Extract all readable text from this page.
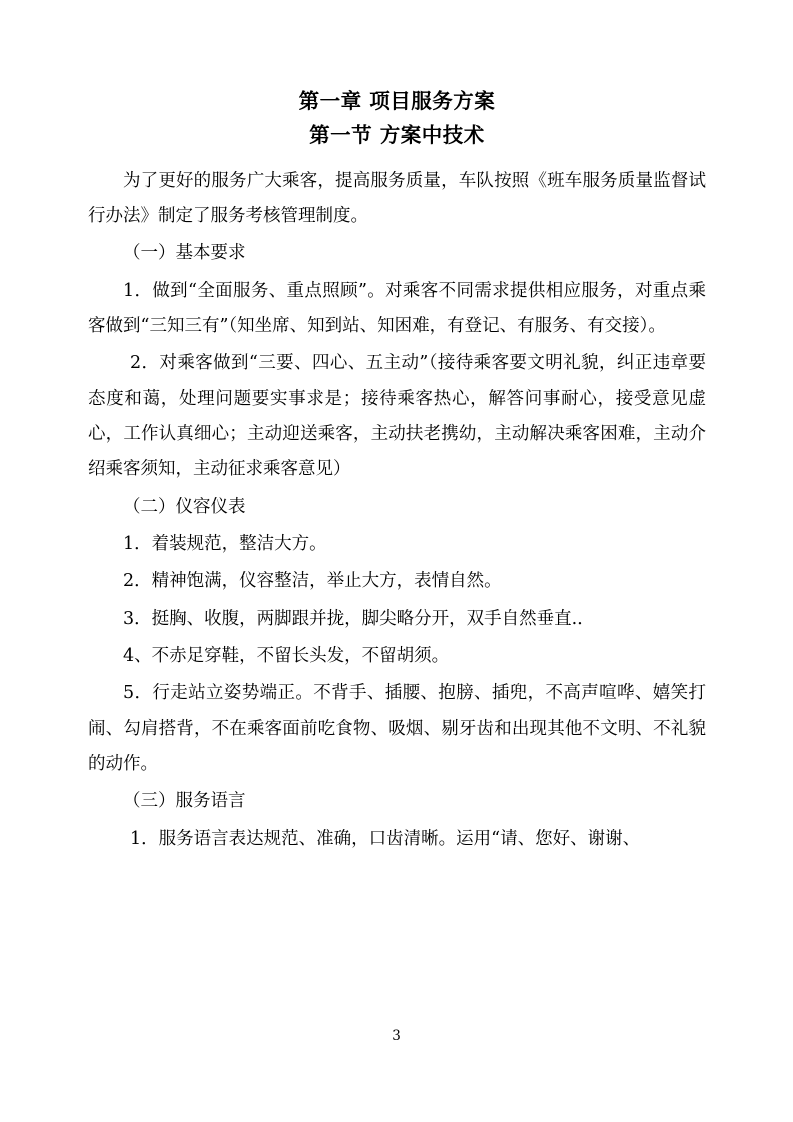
第一章 项目服务方案
第一节 方案中技术

为了更好的服务广大乘客，提高服务质量，车队按照《班车服务质量监督试行办法》制定了服务考核管理制度。

（一）基本要求

1．做到“全面服务、重点照顾”。对乘客不同需求提供相应服务，对重点乘客做到“三知三有”（知坐席、知到站、知困难，有登记、有服务、有交接）。

2．对乘客做到“三要、四心、五主动”（接待乘客要文明礼貌，纠正违章要态度和蔼，处理问题要实事求是；接待乘客热心，解答问事耐心，接受意见虚心，工作认真细心；主动迎送乘客，主动扶老携幼，主动解决乘客困难，主动介绍乘客须知，主动征求乘客意见）

（二）仪容仪表

1．着装规范，整洁大方。

2．精神饱满，仪容整洁，举止大方，表情自然。

3．挺胸、收腹，两脚跟并拢，脚尖略分开，双手自然垂直.．

4、不赤足穿鞋，不留长头发，不留胡须。

5．行走站立姿势端正。不背手、插腰、抱膀、插兜，不高声喧哗、嬉笑打闹、勾肩搭背，不在乘客面前吃食物、吸烟、剔牙齿和出现其他不文明、不礼貌的动作。

（三）服务语言

1．服务语言表达规范、准确，口齿清晰。运用“请、您好、谢谢、

3
